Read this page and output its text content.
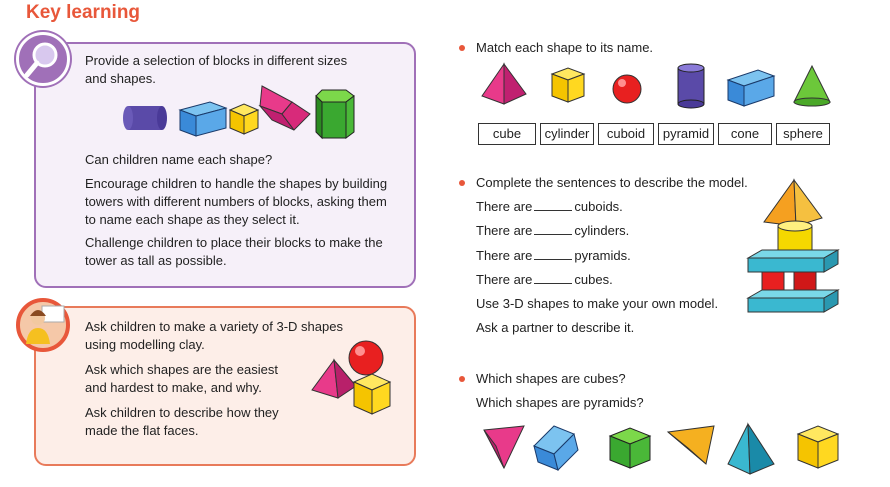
Key learning
Provide a selection of blocks in different sizes
and shapes.
Can children name each shape?
Encourage children to handle the shapes by building
towers with different numbers of blocks, asking them
to name each shape as they select it.
Challenge children to place their blocks to make the
tower as tall as possible.
Ask children to make a variety of 3-D shapes
using modelling clay.
Ask which shapes are the easiest
and hardest to make, and why.
Ask children to describe how they
made the flat faces.
Match each shape to its name.
cube	cylinder	cuboid	pyramid	cone	sphere
Complete the sentences to describe the model.
There are	cuboids.
There are	cylinders.
There are	pyramids.
There are	cubes.
Use 3-D shapes to make your own model.
Ask a partner to describe it.
Which shapes are cubes?
Which shapes are pyramids?
